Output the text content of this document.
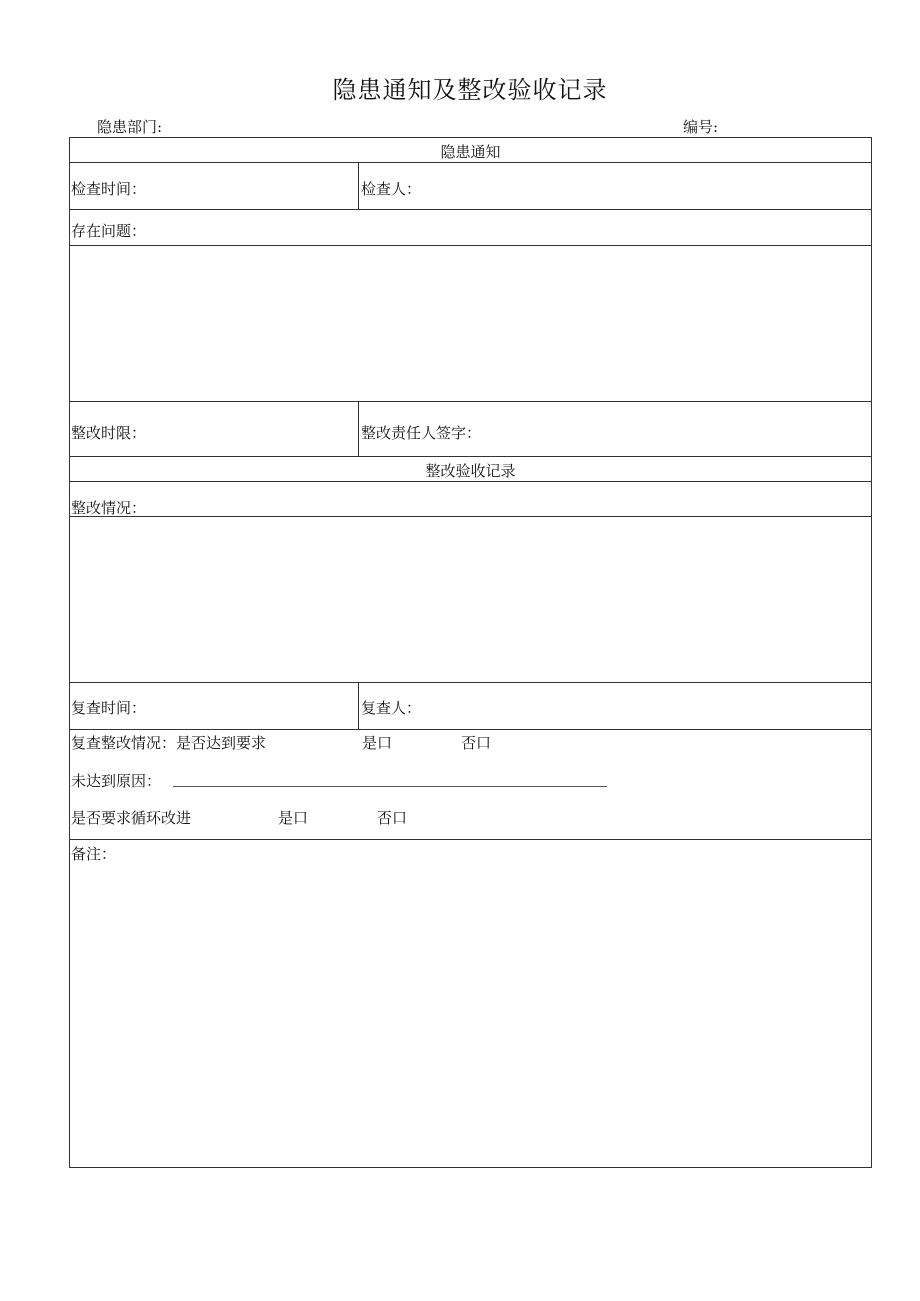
隐患通知及整改验收记录
隐患部门:	编号:
隐患通知
检查时间：	检查人：
存在问题：
整改时限：	整改责任人签字：
整改验收记录
整改情况：
复查时间：	复查人：
复查整改情况：是否达到要求	是口	否口
未达到原因：
是否要求循环改进	是口	否口
备注：
